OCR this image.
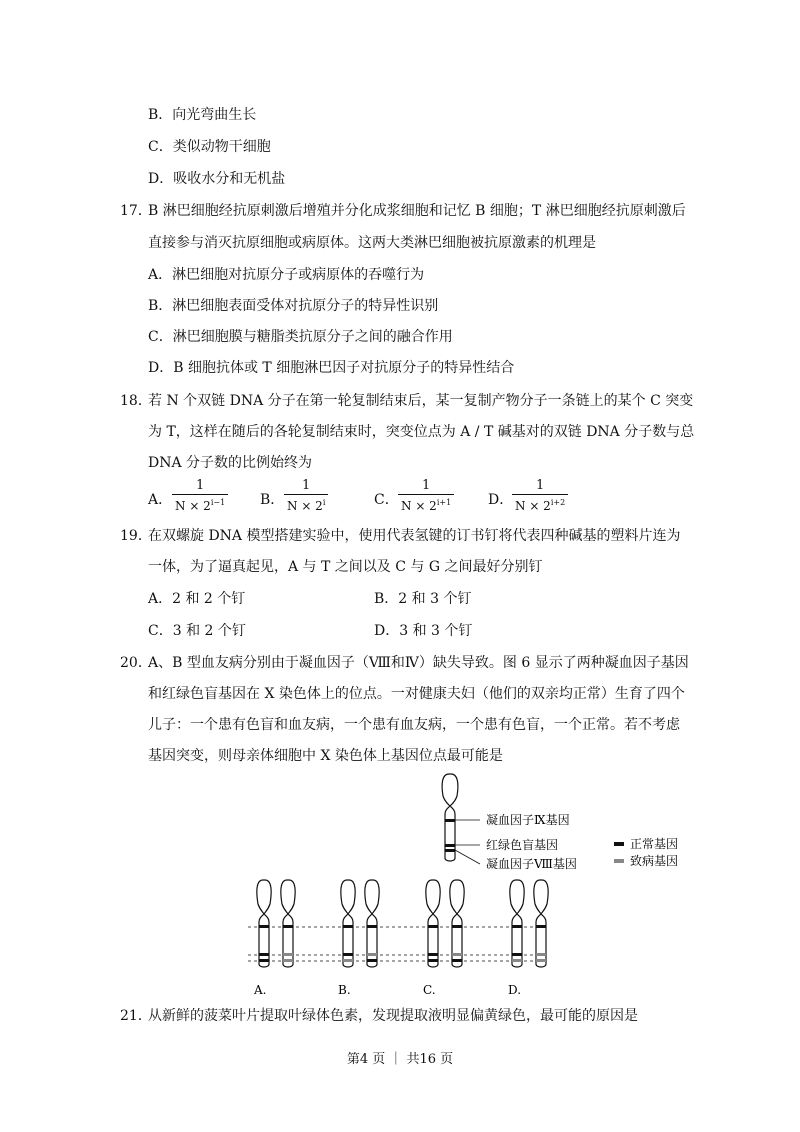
B．向光弯曲生长
C．类似动物干细胞
D．吸收水分和无机盐
17．
B 淋巴细胞经抗原刺激后增殖并分化成浆细胞和记忆 B 细胞；T 淋巴细胞经抗原刺激后
直接参与消灭抗原细胞或病原体。这两大类淋巴细胞被抗原激素的机理是
A．淋巴细胞对抗原分子或病原体的吞噬行为
B．淋巴细胞表面受体对抗原分子的特异性识别
C．淋巴细胞膜与糖脂类抗原分子之间的融合作用
D．B 细胞抗体或 T 细胞淋巴因子对抗原分子的特异性结合
18．
若 N 个双链 DNA 分子在第一轮复制结束后，某一复制产物分子一条链上的某个 C 突变
为 T，这样在随后的各轮复制结束时，突变位点为 A / T 碱基对的双链 DNA 分子数与总
DNA 分子数的比例始终为
A． $\frac{1}{N \times 2^{i-1}}$ B． $\frac{1}{N \times 2^i}$	C． $\frac{1}{N \times 2^{i+1}}$ D．
$\frac{1}{N \times 2^{i+2}}$
19．
在双螺旋 DNA 模型搭建实验中，使用代表氢键的订书钉将代表四种碱基的塑料片连为
一体，为了逼真起见，A 与 T 之间以及 C 与 G 之间最好分别钉
A．2 和 2 个钉	B．2 和 3 个钉
C．3 和 2 个钉	D．3 和 3 个钉
20．
A、B 型血友病分别由于凝血因子（Ⅷ和Ⅳ）缺失导致。图 6 显示了两种凝血因子基因
和红绿色盲基因在 X 染色体上的位点。一对健康夫妇（他们的双亲均正常）生育了四个
儿子：一个患有色盲和血友病，一个患有血友病，一个患有色盲，一个正常。若不考虑
基因突变，则母亲体细胞中 X 染色体上基因位点最可能是
凝血因子Ⅸ基因
红绿色盲基因
凝血因子Ⅷ基因
正常基因
致病基因
A.	B.	C.	D.
21．
从新鲜的菠菜叶片提取叶绿体色素，发现提取液明显偏黄绿色，最可能的原因是
第4 页 ｜ 共16 页
